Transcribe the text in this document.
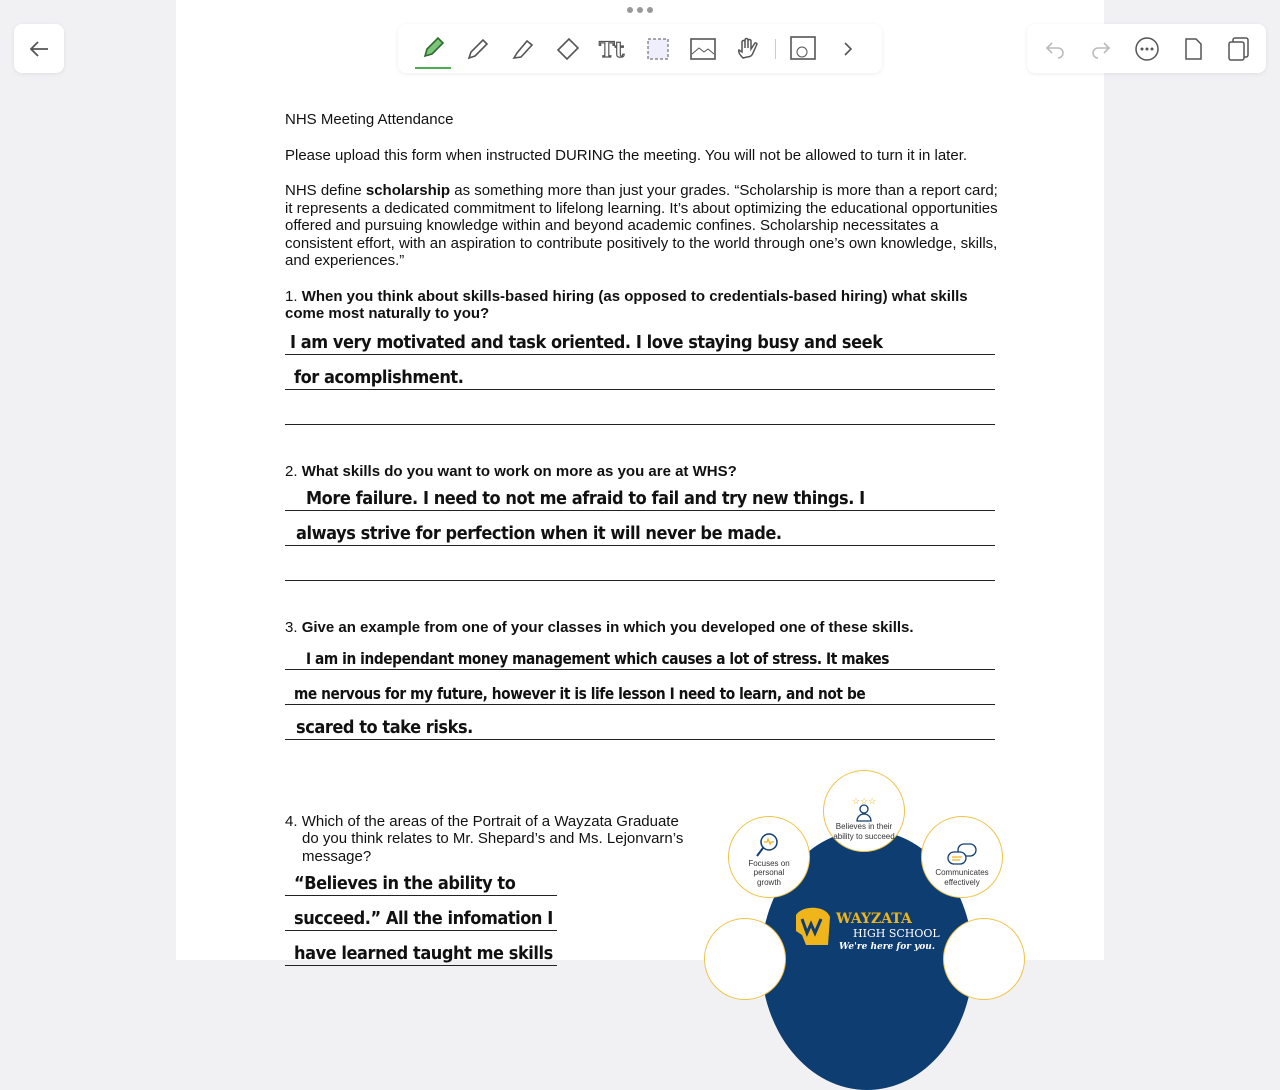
Tt
NHS Meeting Attendance
Please upload this form when instructed DURING the meeting. You will not be allowed to turn it in later.
NHS define scholarship as something more than just your grades. “Scholarship is more than a report card; it represents a dedicated commitment to lifelong learning. It’s about optimizing the educational opportunities offered and pursuing knowledge within and beyond academic confines. Scholarship necessitates a consistent effort, with an aspiration to contribute positively to the world through one’s own knowledge, skills, and experiences.”
1. When you think about skills-based hiring (as opposed to credentials-based hiring) what skills come most naturally to you?
I am very motivated and task oriented. I love staying busy and seek
for acomplishment.
2. What skills do you want to work on more as you are at WHS?
More failure. I need to not me afraid to fail and try new things. I
always strive for perfection when it will never be made.
3. Give an example from one of your classes in which you developed one of these skills.
I am in independant money management which causes a lot of stress. It makes
me nervous for my future, however it is life lesson I need to learn, and not be
scared to take risks.
4. Which of the areas of the Portrait of a Wayzata Graduate do you think relates to Mr. Shepard’s and Ms. Lejonvarn’s message?
“Believes in the ability to
succeed.” All the infomation I
have learned taught me skills
☆☆☆
Believes in their ability to succeed
Focuses on personal growth
Communicates effectively
WAYZATA
HIGH SCHOOL
We're here for you.
